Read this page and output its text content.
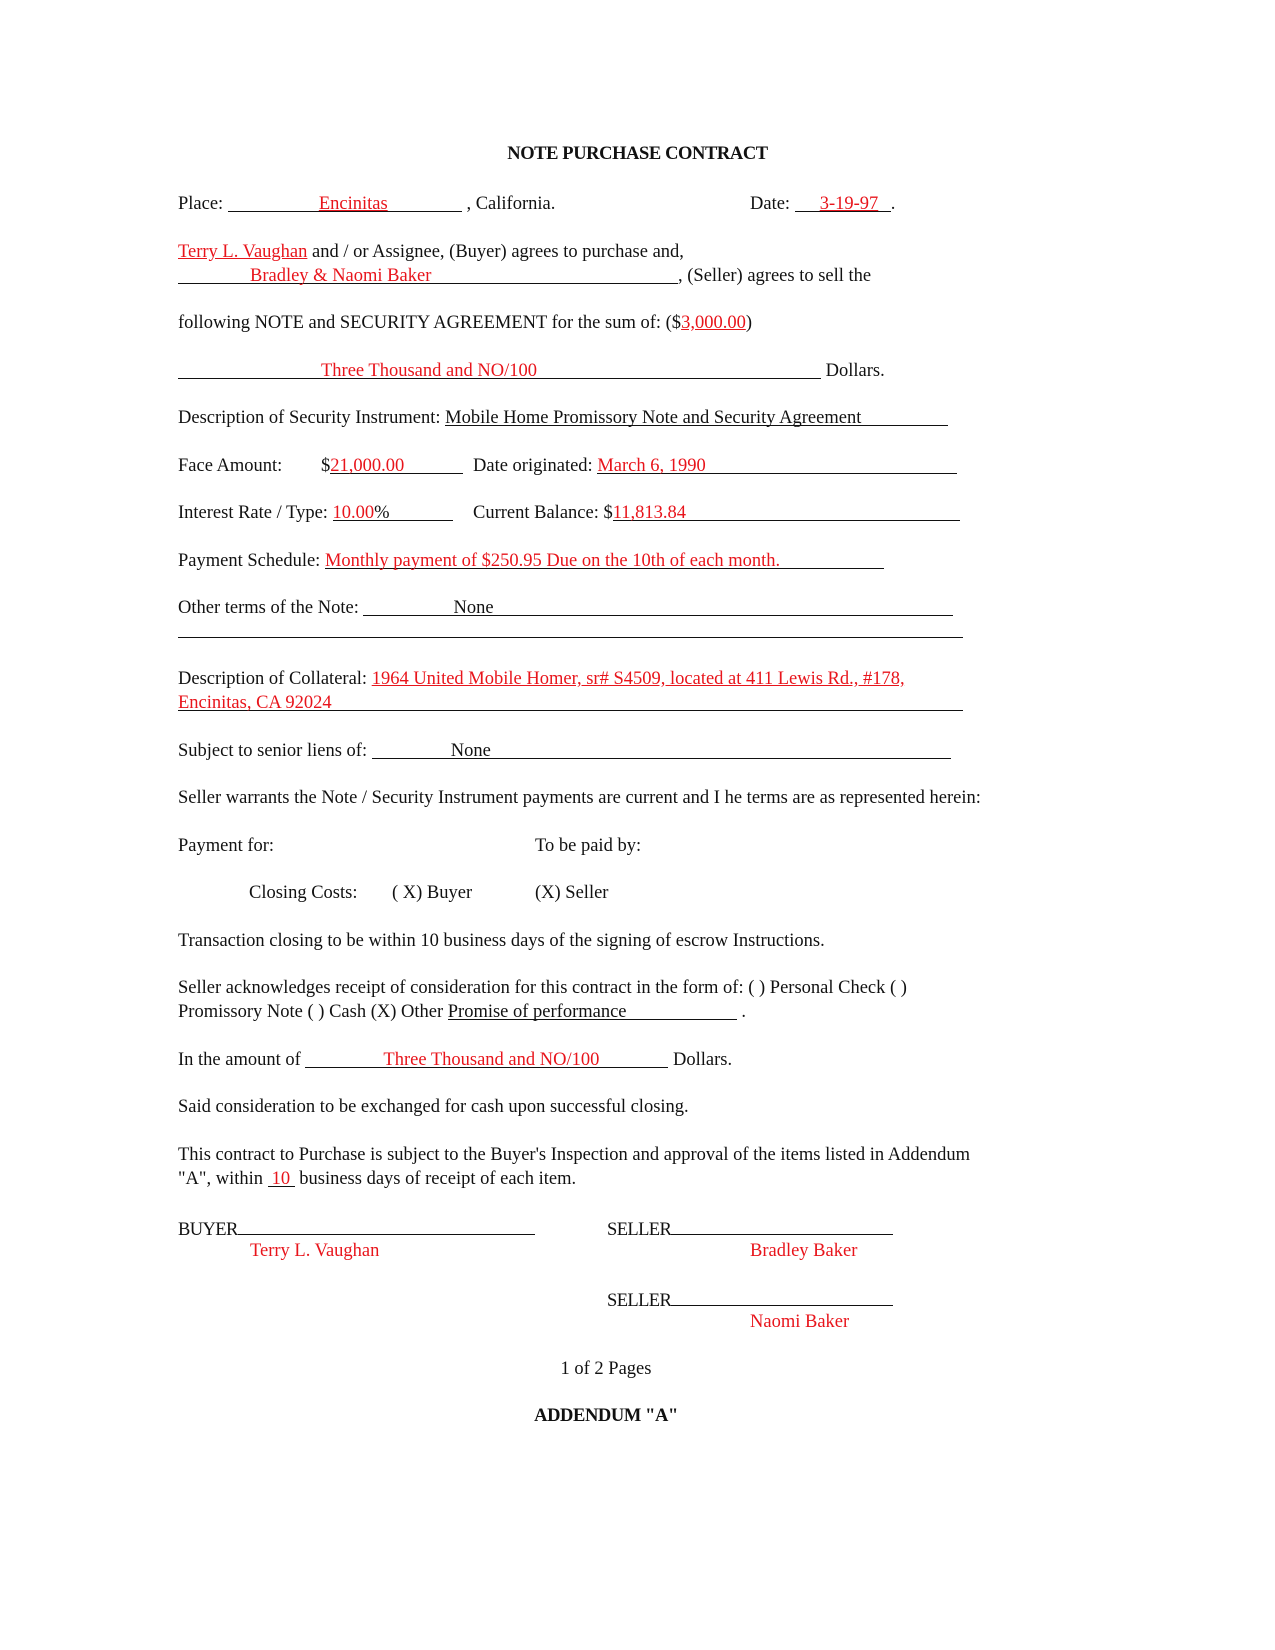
NOTE PURCHASE CONTRACT
Place:	Encinitas	, California.	Date: 3-19-97 .
Terry L. Vaughan and / or Assignee, (Buyer) agrees to purchase and,
Bradley & Naomi Baker	, (Seller) agrees to sell the
following NOTE and SECURITY AGREEMENT for the sum of: ($3,000.00)
Three Thousand and NO/100	Dollars.
Description of Security Instrument: Mobile Home Promissory Note and Security Agreement
Face Amount: $21,000.00	Date originated: March 6, 1990
Interest Rate / Type: 10.00%	Current Balance: $11,813.84
Payment Schedule: Monthly payment of $250.95 Due on the 10th of each month.
Other terms of the Note:	None
Description of Collateral: 1964 United Mobile Homer, sr# S4509, located at 411 Lewis Rd., #178,
Encinitas, CA 92024
Subject to senior liens of:	None
Seller warrants the Note / Security Instrument payments are current and I he terms are as represented herein:
Payment for:	To be paid by:
Closing Costs: ( X) Buyer	(X) Seller
Transaction closing to be within 10 business days of the signing of escrow Instructions.
Seller acknowledges receipt of consideration for this contract in the form of: ( ) Personal Check ( )
Promissory Note ( ) Cash (X) Other Promise of performance	.
In the amount of	Three Thousand and NO/100	Dollars.
Said consideration to be exchanged for cash upon successful closing.
This contract to Purchase is subject to the Buyer's Inspection and approval of the items listed in Addendum
"A", within 10 business days of receipt of each item.
BUYER
Terry L. Vaughan
SELLER
Bradley Baker
SELLER
Naomi Baker
1 of 2 Pages
ADDENDUM "A"
